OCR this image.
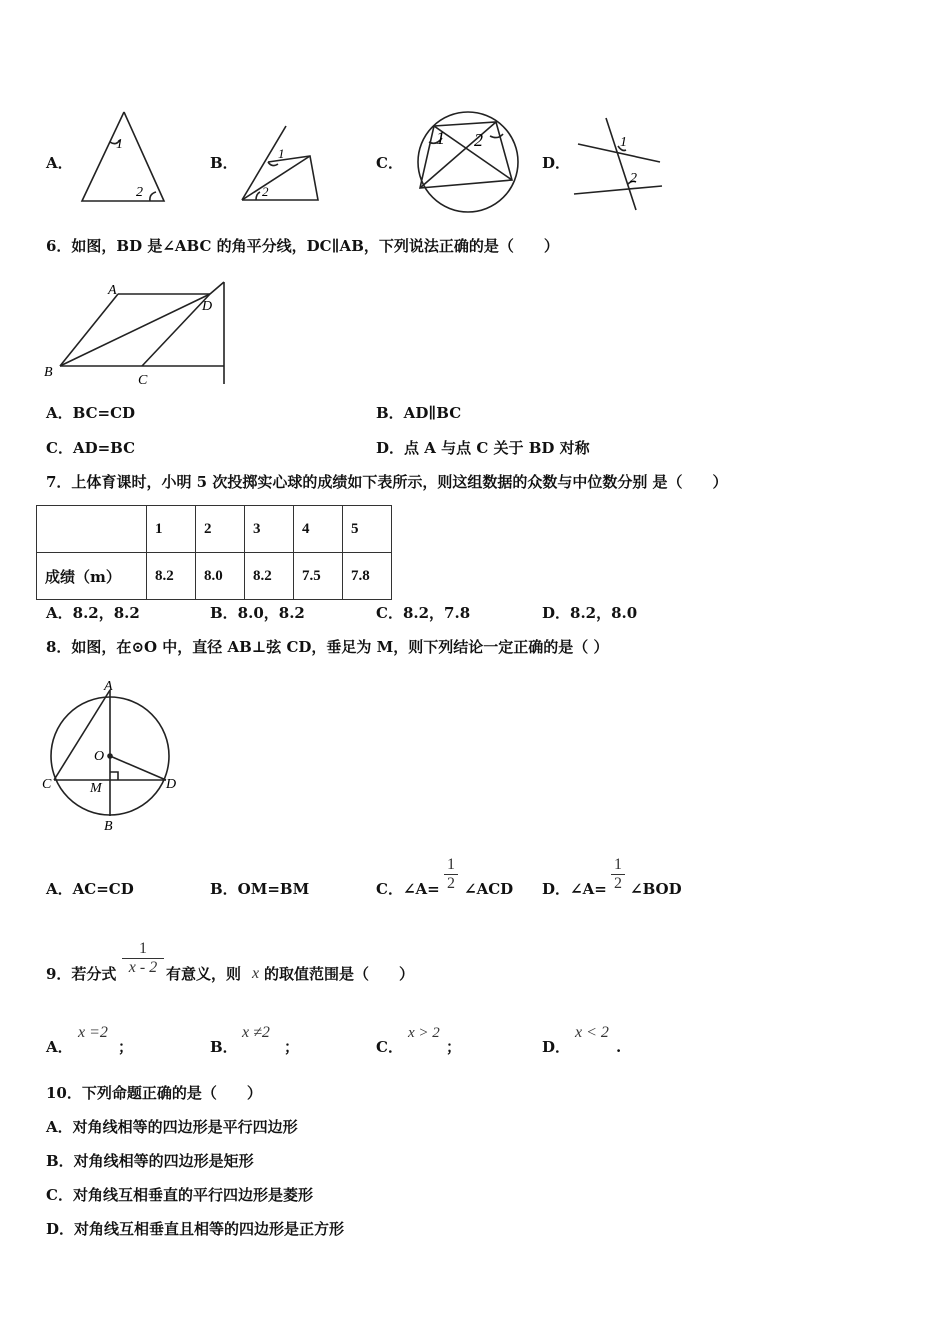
A．
1
2
B．
1
2
C．
1 2
D．
1
2
6．如图，BD 是∠ABC 的角平分线，DC∥AB，下列说法正确的是（　　）
A
B
C
D
A．BC=CD	B．AD∥BC
C．AD=BC	D．点 A 与点 C 关于 BD 对称
7．上体育课时，小明 5 次投掷实心球的成绩如下表所示，则这组数据的众数与中位数分别 是（　　）
	1	2	3	4	5
成绩（m）	8.2	8.0	8.2	7.5	7.8
A．8.2，8.2	B．8.0，8.2	C．8.2，7.8	D．8.2，8.0
8．如图，在⊙O 中，直径 AB⊥弦 CD，垂足为 M，则下列结论一定正确的是（ ）
A
B
C	D
O
M
A．AC=CD	B．OM=BM	C．∠A= $\frac{1}{2}$ ∠ACD D．∠A= $\frac{1}{2}$ ∠BOD
9．若分式 $\frac{1}{x - 2}$ 有意义，则 x 的取值范围是（　　）
A．
x =2
；	B．
x ≠2
；	C．
x > 2
；	D．
x < 2
.
10．下列命题正确的是（　　）
A．对角线相等的四边形是平行四边形
B．对角线相等的四边形是矩形
C．对角线互相垂直的平行四边形是菱形
D．对角线互相垂直且相等的四边形是正方形
